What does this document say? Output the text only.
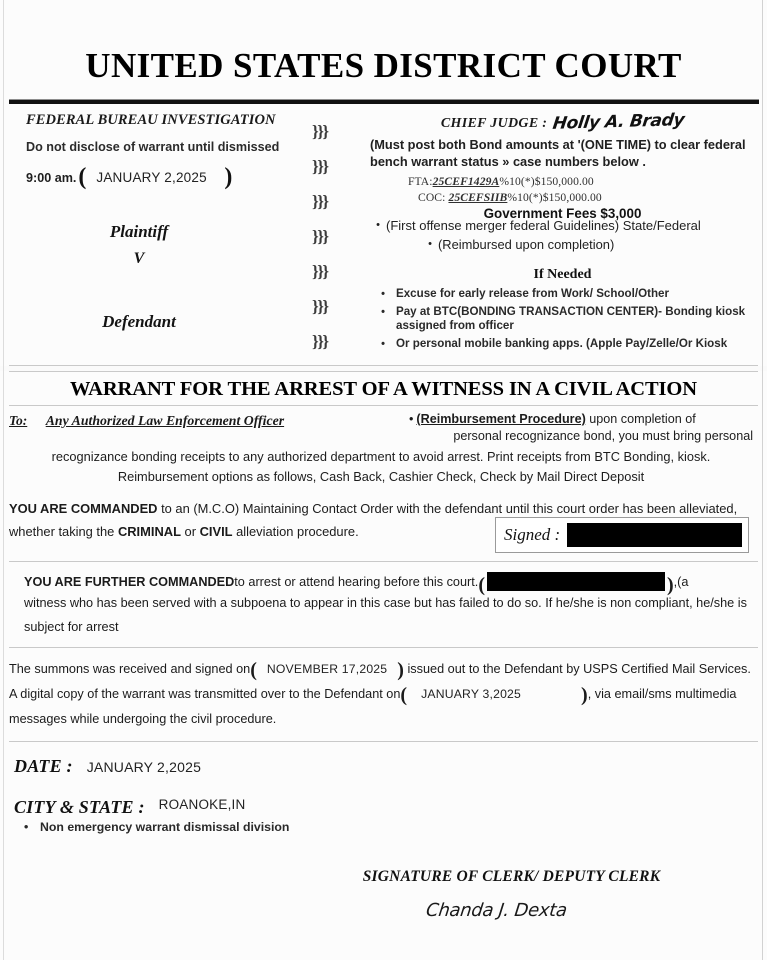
UNITED STATES DISTRICT COURT
FEDERAL BUREAU INVESTIGATION
Do not disclose of warrant until dismissed
9:00 am. ( JANUARY 2,2025 )
Plaintiff
V
Defendant
}}}
}}}
}}}
}}}
}}}
}}}
}}}
CHIEF JUDGE : Holly A. Brady
(Must post both Bond amounts at '(ONE TIME) to clear federal bench warrant status » case numbers below .
FTA:25CEF1429A%10(*)$150,000.00
COC: 25CEFSIIB%10(*)$150,000.00
Government Fees $3,000
• (First offense merger federal Guidelines) State/Federal
• (Reimbursed upon completion)
If Needed
• Excuse for early release from Work/ School/Other
• Pay at BTC(BONDING TRANSACTION CENTER)- Bonding kiosk assigned from officer
• Or personal mobile banking apps. (Apple Pay/Zelle/Or Kiosk
WARRANT FOR THE ARREST OF A WITNESS IN A CIVIL ACTION
To: Any Authorized Law Enforcement Officer	• (Reimbursement Procedure) upon completion of
personal recognizance bond, you must bring personal
recognizance bonding receipts to any authorized department to avoid arrest. Print receipts from BTC Bonding, kiosk.
Reimbursement options as follows, Cash Back, Cashier Check, Check by Mail Direct Deposit
YOU ARE COMMANDED to an (M.C.O) Maintaining Contact Order with the defendant until this court order has been alleviated, whether taking the CRIMINAL or CIVIL alleviation procedure.	Signed :
YOU ARE FURTHER COMMANDED to arrest or attend hearing before this court. (	) ,(a
witness who has been served with a subpoena to appear in this case but has failed to do so. If he/she is non compliant, he/she is subject for arrest
The summons was received and signed on( NOVEMBER 17,2025 ) issued out to the Defendant by USPS Certified Mail Services. A digital copy of the warrant was transmitted over to the Defendant on( JANUARY 3,2025	), via email/sms multimedia messages while undergoing the civil procedure.
DATE : JANUARY 2,2025
CITY & STATE : ROANOKE,IN
• Non emergency warrant dismissal division
SIGNATURE OF CLERK/ DEPUTY CLERK
Chanda J. Dexta
